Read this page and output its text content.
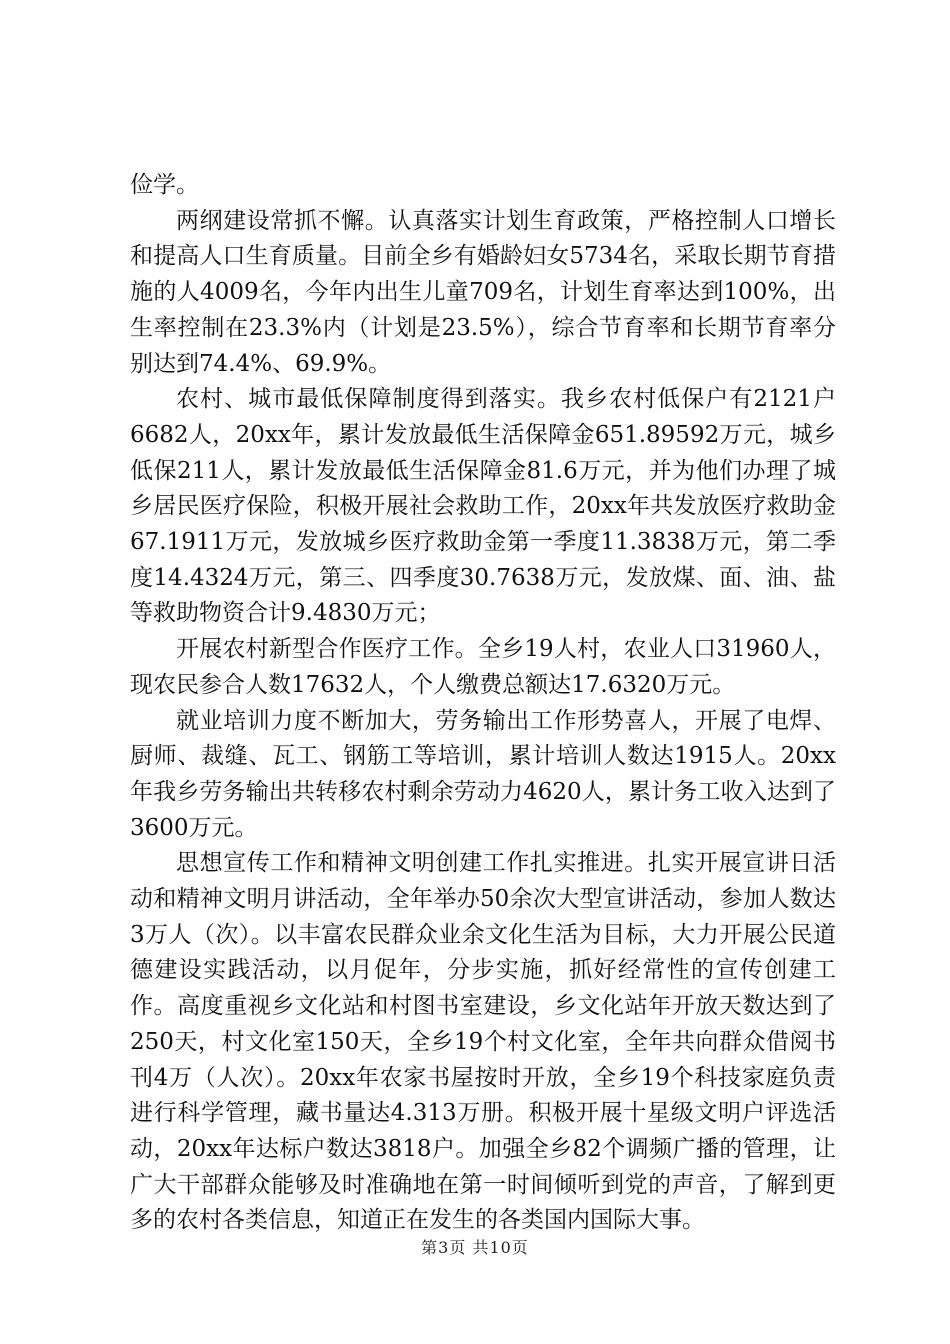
俭学。

两纲建设常抓不懈。认真落实计划生育政策，严格控制人口增长和提高人口生育质量。目前全乡有婚龄妇女5734名，采取长期节育措施的人4009名，今年内出生儿童709名，计划生育率达到100%，出生率控制在23.3%内（计划是23.5%），综合节育率和长期节育率分别达到74.4%、69.9%。

农村、城市最低保障制度得到落实。我乡农村低保户有2121户6682人，20xx年，累计发放最低生活保障金651.89592万元，城乡低保211人，累计发放最低生活保障金81.6万元，并为他们办理了城乡居民医疗保险，积极开展社会救助工作，20xx年共发放医疗救助金67.1911万元，发放城乡医疗救助金第一季度11.3838万元，第二季度14.4324万元，第三、四季度30.7638万元，发放煤、面、油、盐等救助物资合计9.4830万元；

开展农村新型合作医疗工作。全乡19人村，农业人口31960人，现农民参合人数17632人，个人缴费总额达17.6320万元。

就业培训力度不断加大，劳务输出工作形势喜人，开展了电焊、厨师、裁缝、瓦工、钢筋工等培训，累计培训人数达1915人。20xx年我乡劳务输出共转移农村剩余劳动力4620人，累计务工收入达到了3600万元。

思想宣传工作和精神文明创建工作扎实推进。扎实开展宣讲日活动和精神文明月讲活动，全年举办50余次大型宣讲活动，参加人数达3万人（次）。以丰富农民群众业余文化生活为目标，大力开展公民道德建设实践活动，以月促年，分步实施，抓好经常性的宣传创建工作。高度重视乡文化站和村图书室建设，乡文化站年开放天数达到了250天，村文化室150天，全乡19个村文化室，全年共向群众借阅书刊4万（人次）。20xx年农家书屋按时开放，全乡19个科技家庭负责进行科学管理，藏书量达4.313万册。积极开展十星级文明户评选活动，20xx年达标户数达3818户。加强全乡82个调频广播的管理，让广大干部群众能够及时准确地在第一时间倾听到党的声音，了解到更多的农村各类信息，知道正在发生的各类国内国际大事。

第3页 共10页
